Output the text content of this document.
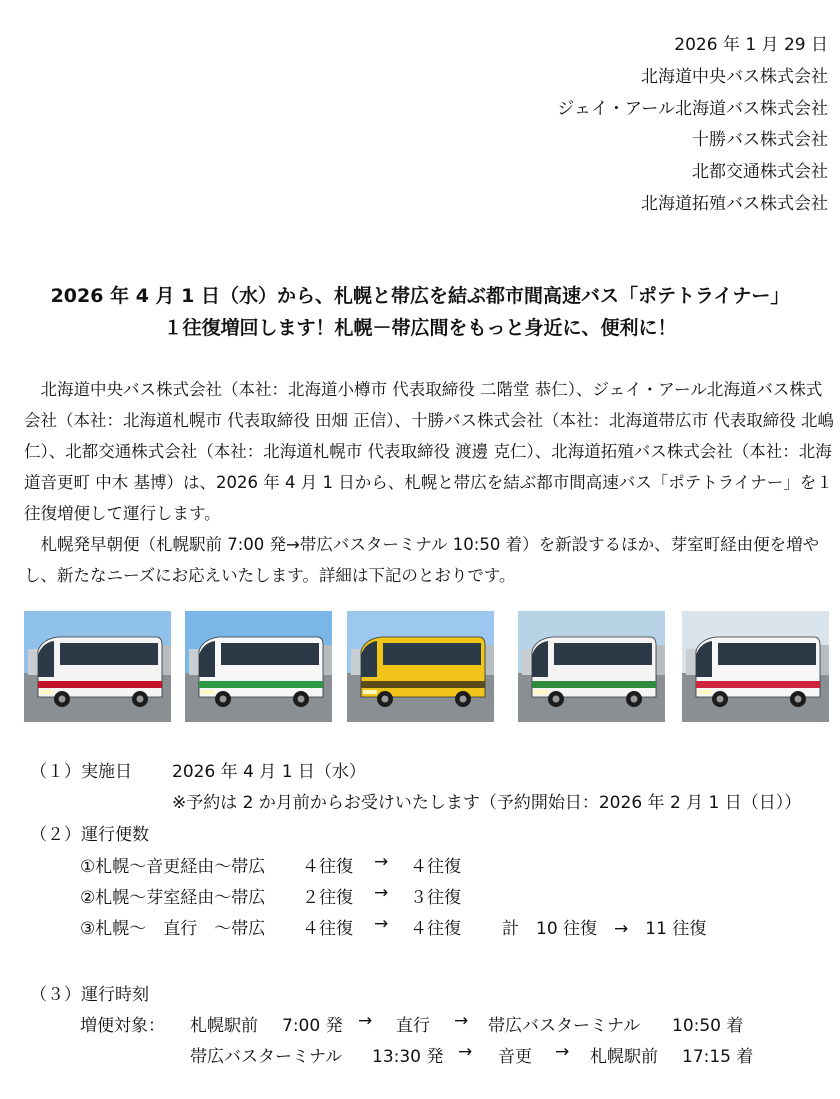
2026 年 1 月 29 日
北海道中央バス株式会社
ジェイ・アール北海道バス株式会社
十勝バス株式会社
北都交通株式会社
北海道拓殖バス株式会社
2026 年 4 月 1 日（水）から、札幌と帯広を結ぶ都市間高速バス「ポテトライナー」
１往復増回します！札幌－帯広間をもっと身近に、便利に！

北海道中央バス株式会社（本社：北海道小樽市 代表取締役 二階堂 恭仁）、ジェイ・アール北海道バス株式会社（本社：北海道札幌市 代表取締役 田畑 正信）、十勝バス株式会社（本社：北海道帯広市 代表取締役 北嶋 仁）、北都交通株式会社（本社：北海道札幌市 代表取締役 渡邊 克仁）、北海道拓殖バス株式会社（本社：北海道音更町 中木 基博）は、2026 年 4 月 1 日から、札幌と帯広を結ぶ都市間高速バス「ポテトライナー」を１往復増便して運行します。

札幌発早朝便（札幌駅前 7:00 発→帯広バスターミナル 10:50 着）を新設するほか、芽室町経由便を増やし、新たなニーズにお応えいたします。詳細は下記のとおりです。

（１）実施日 2026 年 4 月 1 日（水）
※予約は 2 か月前からお受けいたします（予約開始日：2026 年 2 月 1 日（日））
（２）運行便数
①札幌～音更経由～帯広 ４往復 → ４往復
②札幌～芽室経由～帯広 ２往復 → ３往復
③札幌～　直行　～帯広 ４往復 → ４往復 計　10 往復　→　11 往復
（３）運行時刻
増便対象： 札幌駅前 7:00 発 → 直行 → 帯広バスターミナル 10:50 着
帯広バスターミナル 13:30 発 → 音更 → 札幌駅前 17:15 着
